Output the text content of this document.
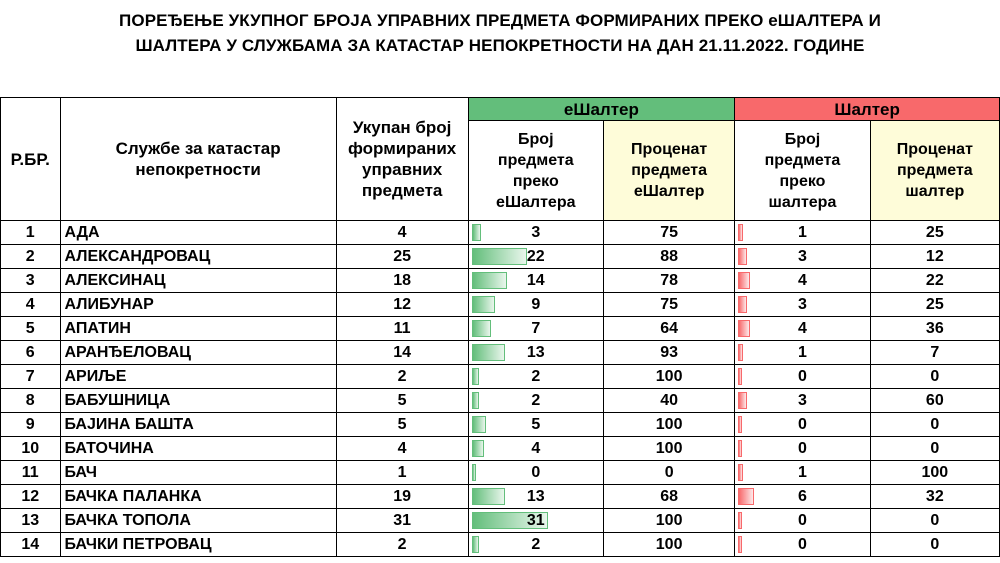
ПОРЕЂЕЊЕ УКУПНОГ БРОЈА УПРАВНИХ ПРЕДМЕТА ФОРМИРАНИХ ПРЕКО еШАЛТЕРА И
ШАЛТЕРА У СЛУЖБАМА ЗА КАТАСТАР НЕПОКРЕТНОСТИ НА ДАН 21.11.2022. ГОДИНЕ
Р.БР.	Службе за катастар непокретности	Укупан број формираних управних предмета	еШалтер		Шалтер	
			Број предмета преко еШалтера	Проценат предмета еШалтер	Број предмета преко шалтера	Проценат предмета шалтер
1	АДА	4	3	75	1	25
2	АЛЕКСАНДРОВАЦ	25	22	88	3	12
3	АЛЕКСИНАЦ	18	14	78	4	22
4	АЛИБУНАР	12	9	75	3	25
5	АПАТИН	11	7	64	4	36
6	АРАНЂЕЛОВАЦ	14	13	93	1	7
7	АРИЉЕ	2	2	100	0	0
8	БАБУШНИЦА	5	2	40	3	60
9	БАЈИНА БАШТА	5	5	100	0	0
10	БАТОЧИНА	4	4	100	0	0
11	БАЧ	1	0	0	1	100
12	БАЧКА ПАЛАНКА	19	13	68	6	32
13	БАЧКА ТОПОЛА	31	31	100	0	0
14	БАЧКИ ПЕТРОВАЦ	2	2	100	0	0
